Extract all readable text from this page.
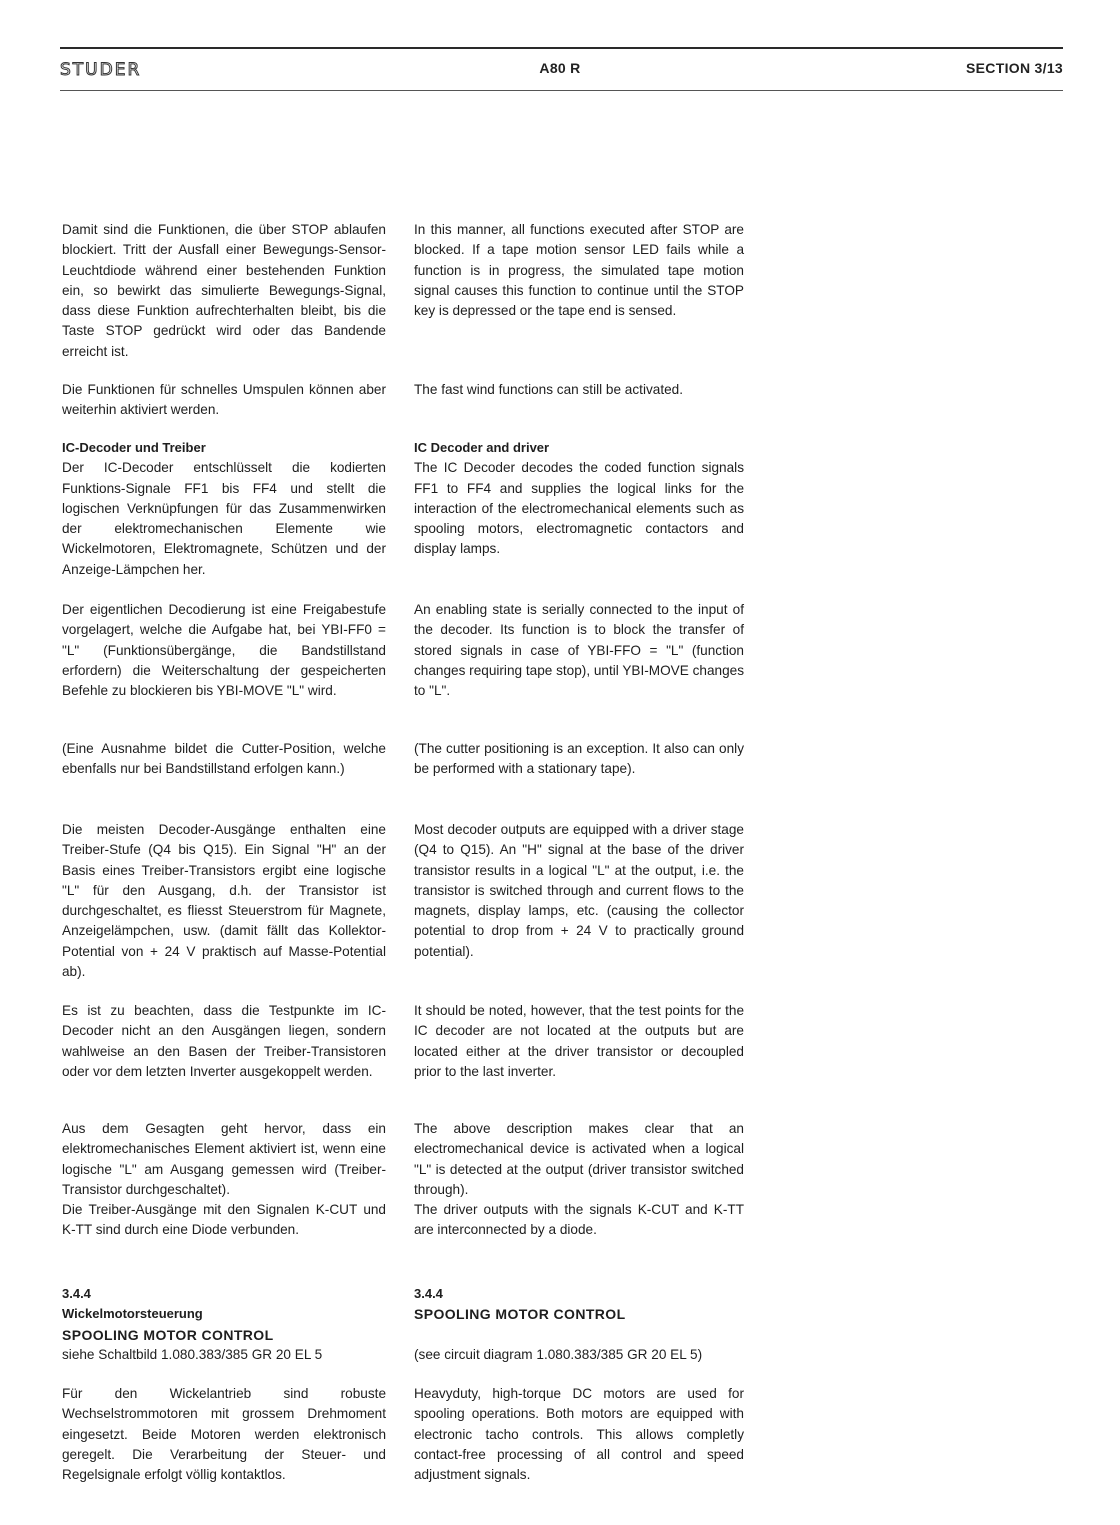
STUDER	A80 R	SECTION 3/13

Damit sind die Funktionen, die über STOP ablaufen blockiert. Tritt der Ausfall einer Bewegungs-Sensor-Leuchtdiode während einer bestehenden Funktion ein, so bewirkt das simulierte Bewegungs-Signal, dass diese Funktion aufrechterhalten bleibt, bis die Taste STOP gedrückt wird oder das Bandende erreicht ist.

Die Funktionen für schnelles Umspulen können aber weiterhin aktiviert werden.

IC-Decoder und Treiber

Der IC-Decoder entschlüsselt die kodierten Funktions-Signale FF1 bis FF4 und stellt die logischen Verknüpfungen für das Zusammenwirken der elektromechanischen Elemente wie Wickelmotoren, Elektromagnete, Schützen und der Anzeige-Lämpchen her.

Der eigentlichen Decodierung ist eine Freigabestufe vorgelagert, welche die Aufgabe hat, bei YBI-FF0 = "L" (Funktionsübergänge, die Bandstillstand erfordern) die Weiterschaltung der gespeicherten Befehle zu blockieren bis YBI-MOVE "L" wird.

(Eine Ausnahme bildet die Cutter-Position, welche ebenfalls nur bei Bandstillstand erfolgen kann.)

Die meisten Decoder-Ausgänge enthalten eine Treiber-Stufe (Q4 bis Q15). Ein Signal "H" an der Basis eines Treiber-Transistors ergibt eine logische "L" für den Ausgang, d.h. der Transistor ist durchgeschaltet, es fliesst Steuerstrom für Magnete, Anzeigelämpchen, usw. (damit fällt das Kollektor-Potential von + 24 V praktisch auf Masse-Potential ab).

Es ist zu beachten, dass die Testpunkte im IC-Decoder nicht an den Ausgängen liegen, sondern wahlweise an den Basen der Treiber-Transistoren oder vor dem letzten Inverter ausgekoppelt werden.

Aus dem Gesagten geht hervor, dass ein elektromechanisches Element aktiviert ist, wenn eine logische "L" am Ausgang gemessen wird (Treiber-Transistor durchgeschaltet).

Die Treiber-Ausgänge mit den Signalen K-CUT und K-TT sind durch eine Diode verbunden.

3.4.4
Wickelmotorsteuerung
SPOOLING MOTOR CONTROL

siehe Schaltbild 1.080.383/385 GR 20 EL 5

Für den Wickelantrieb sind robuste Wechselstrommotoren mit grossem Drehmoment eingesetzt. Beide Motoren werden elektronisch geregelt. Die Verarbeitung der Steuer- und Regelsignale erfolgt völlig kontaktlos.

In this manner, all functions executed after STOP are blocked. If a tape motion sensor LED fails while a function is in progress, the simulated tape motion signal causes this function to continue until the STOP key is depressed or the tape end is sensed.

The fast wind functions can still be activated.

IC Decoder and driver

The IC Decoder decodes the coded function signals FF1 to FF4 and supplies the logical links for the interaction of the electromechanical elements such as spooling motors, electromagnetic contactors and display lamps.

An enabling state is serially connected to the input of the decoder. Its function is to block the transfer of stored signals in case of YBI-FFO = "L" (function changes requiring tape stop), until YBI-MOVE changes to "L".

(The cutter positioning is an exception. It also can only be performed with a stationary tape).

Most decoder outputs are equipped with a driver stage (Q4 to Q15). An "H" signal at the base of the driver transistor results in a logical "L" at the output, i.e. the transistor is switched through and current flows to the magnets, display lamps, etc. (causing the collector potential to drop from + 24 V to practically ground potential).

It should be noted, however, that the test points for the IC decoder are not located at the outputs but are located either at the driver transistor or decoupled prior to the last inverter.

The above description makes clear that an electromechanical device is activated when a logical "L" is detected at the output (driver transistor switched through).

The driver outputs with the signals K-CUT and K-TT are interconnected by a diode.

3.4.4
SPOOLING MOTOR CONTROL

(see circuit diagram 1.080.383/385 GR 20 EL 5)

Heavyduty, high-torque DC motors are used for spooling operations. Both motors are equipped with electronic tacho controls. This allows completly contact-free processing of all control and speed adjustment signals.
